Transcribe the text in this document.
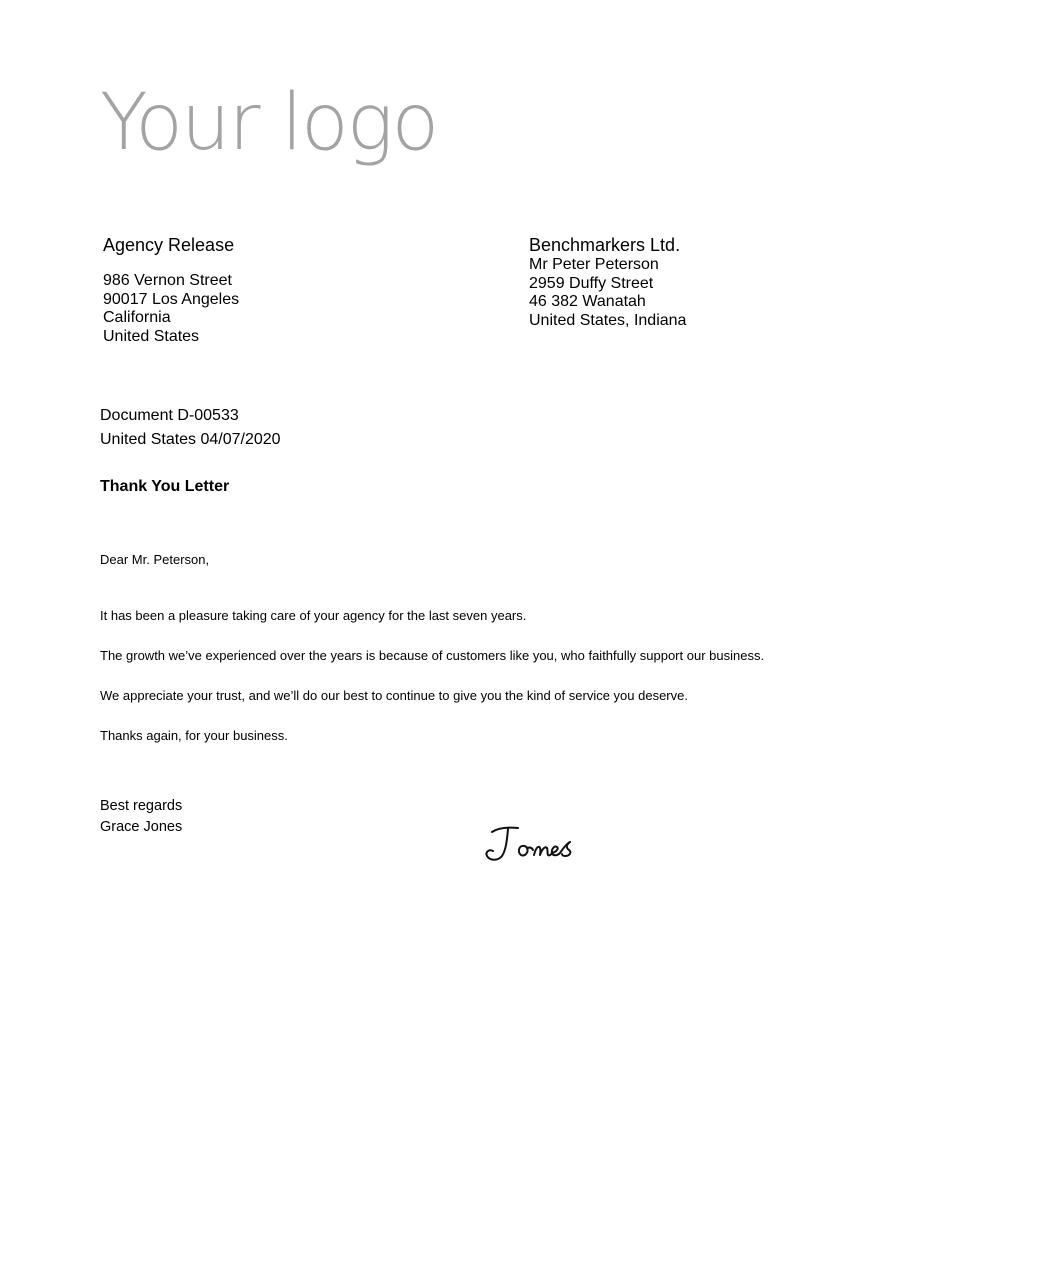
Your logo
Agency Release
986 Vernon Street
90017 Los Angeles
California
United States
Benchmarkers Ltd.
Mr Peter Peterson
2959 Duffy Street
46 382 Wanatah
United States, Indiana
Document D-00533
United States 04/07/2020
Thank You Letter
Dear Mr. Peterson,

It has been a pleasure taking care of your agency for the last seven years.

The growth we’ve experienced over the years is because of customers like you, who faithfully support our business.

We appreciate your trust, and we’ll do our best to continue to give you the kind of service you deserve.

Thanks again, for your business.

Best regards
Grace Jones
